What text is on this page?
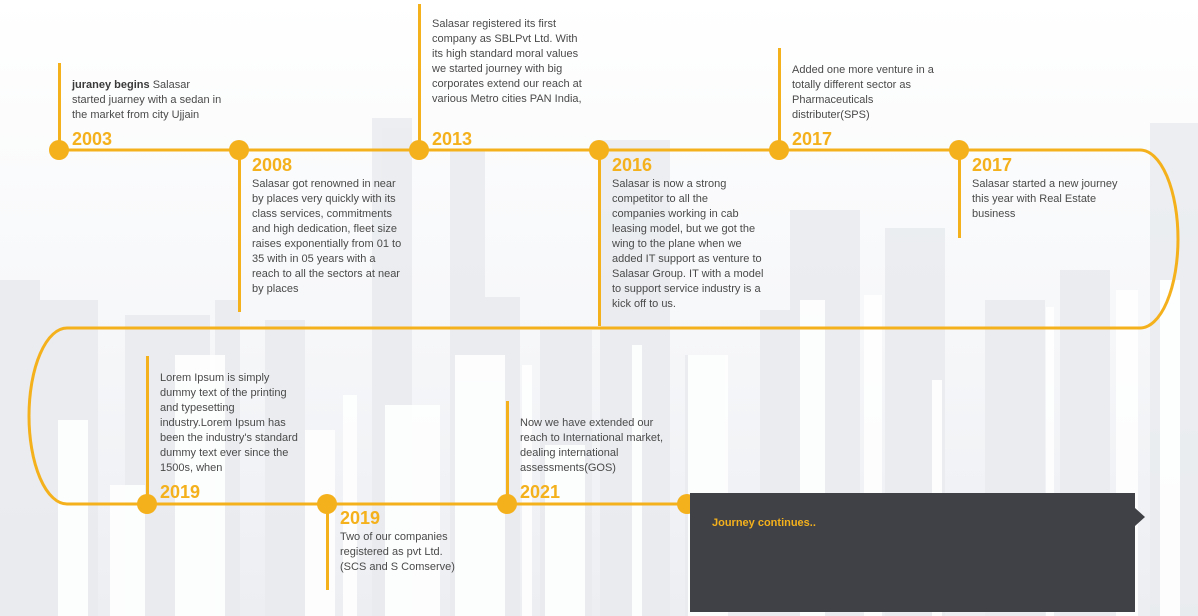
juraney begins Salasar started juarney with a sedan in the market from city Ujjain
2003
2008
Salasar got renowned in near by places very quickly with its class services, commitments and high dedication, fleet size raises exponentially from 01 to 35 with in 05 years with a reach to all the sectors at near by places
Salasar registered its first company as SBLPvt Ltd. With its high standard moral values we started journey with big corporates extend our reach at various Metro cities PAN India,
2013
2016
Salasar is now a strong competitor to all the companies working in cab leasing model, but we got the wing to the plane when we added IT support as venture to Salasar Group. IT with a model to support service industry is a kick off to us.
Added one more venture in a totally different sector as Pharmaceuticals distributer(SPS)
2017
2017
Salasar started a new journey this year with Real Estate business
Lorem Ipsum is simply dummy text of the printing and typesetting industry.Lorem Ipsum has been the industry's standard dummy text ever since the 1500s, when
2019
2019
Two of our companies registered as pvt Ltd. (SCS and S Comserve)
Now we have extended our reach to International market, dealing international assessments(GOS)
2021
Journey continues..
